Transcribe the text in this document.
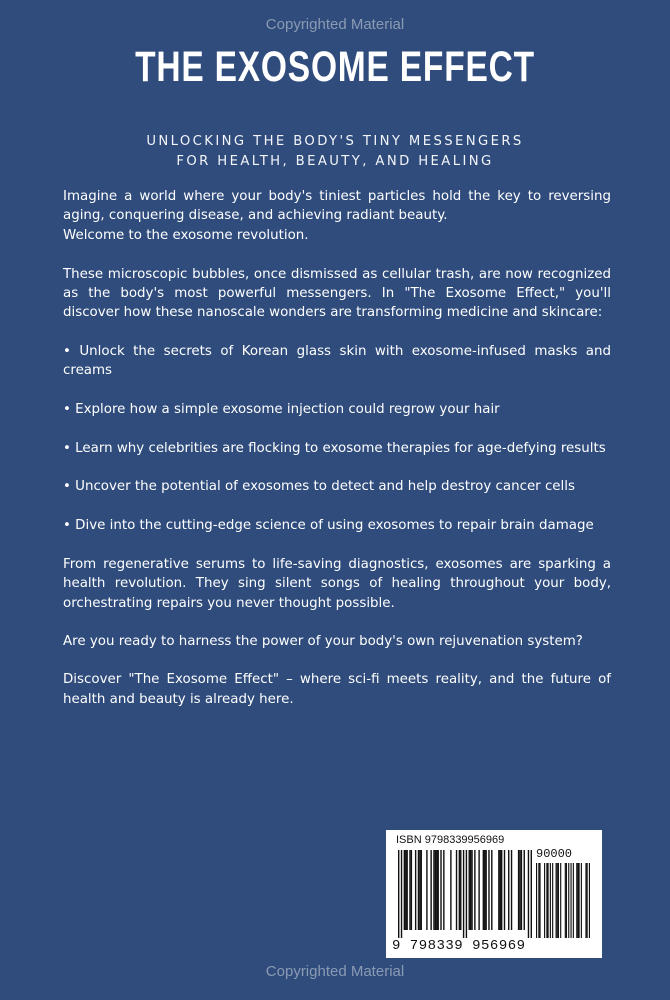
Copyrighted Material
THE EXOSOME EFFECT
UNLOCKING THE BODY'S TINY MESSENGERS
FOR HEALTH, BEAUTY, AND HEALING

Imagine a world where your body's tiniest particles hold the key to reversing aging, conquering disease, and achieving radiant beauty.
Welcome to the exosome revolution.

These microscopic bubbles, once dismissed as cellular trash, are now recognized as the body's most powerful messengers. In "The Exosome Effect," you'll discover how these nanoscale wonders are transforming medicine and skincare:

• Unlock the secrets of Korean glass skin with exosome-infused masks and creams
• Explore how a simple exosome injection could regrow your hair
• Learn why celebrities are flocking to exosome therapies for age-defying results
• Uncover the potential of exosomes to detect and help destroy cancer cells
• Dive into the cutting-edge science of using exosomes to repair brain damage

From regenerative serums to life-saving diagnostics, exosomes are sparking a health revolution. They sing silent songs of healing throughout your body, orchestrating repairs you never thought possible.

Are you ready to harness the power of your body's own rejuvenation system?

Discover "The Exosome Effect" – where sci-fi meets reality, and the future of health and beauty is already here.

ISBN 9798339956969
90000
9 798339 956969
Copyrighted Material
